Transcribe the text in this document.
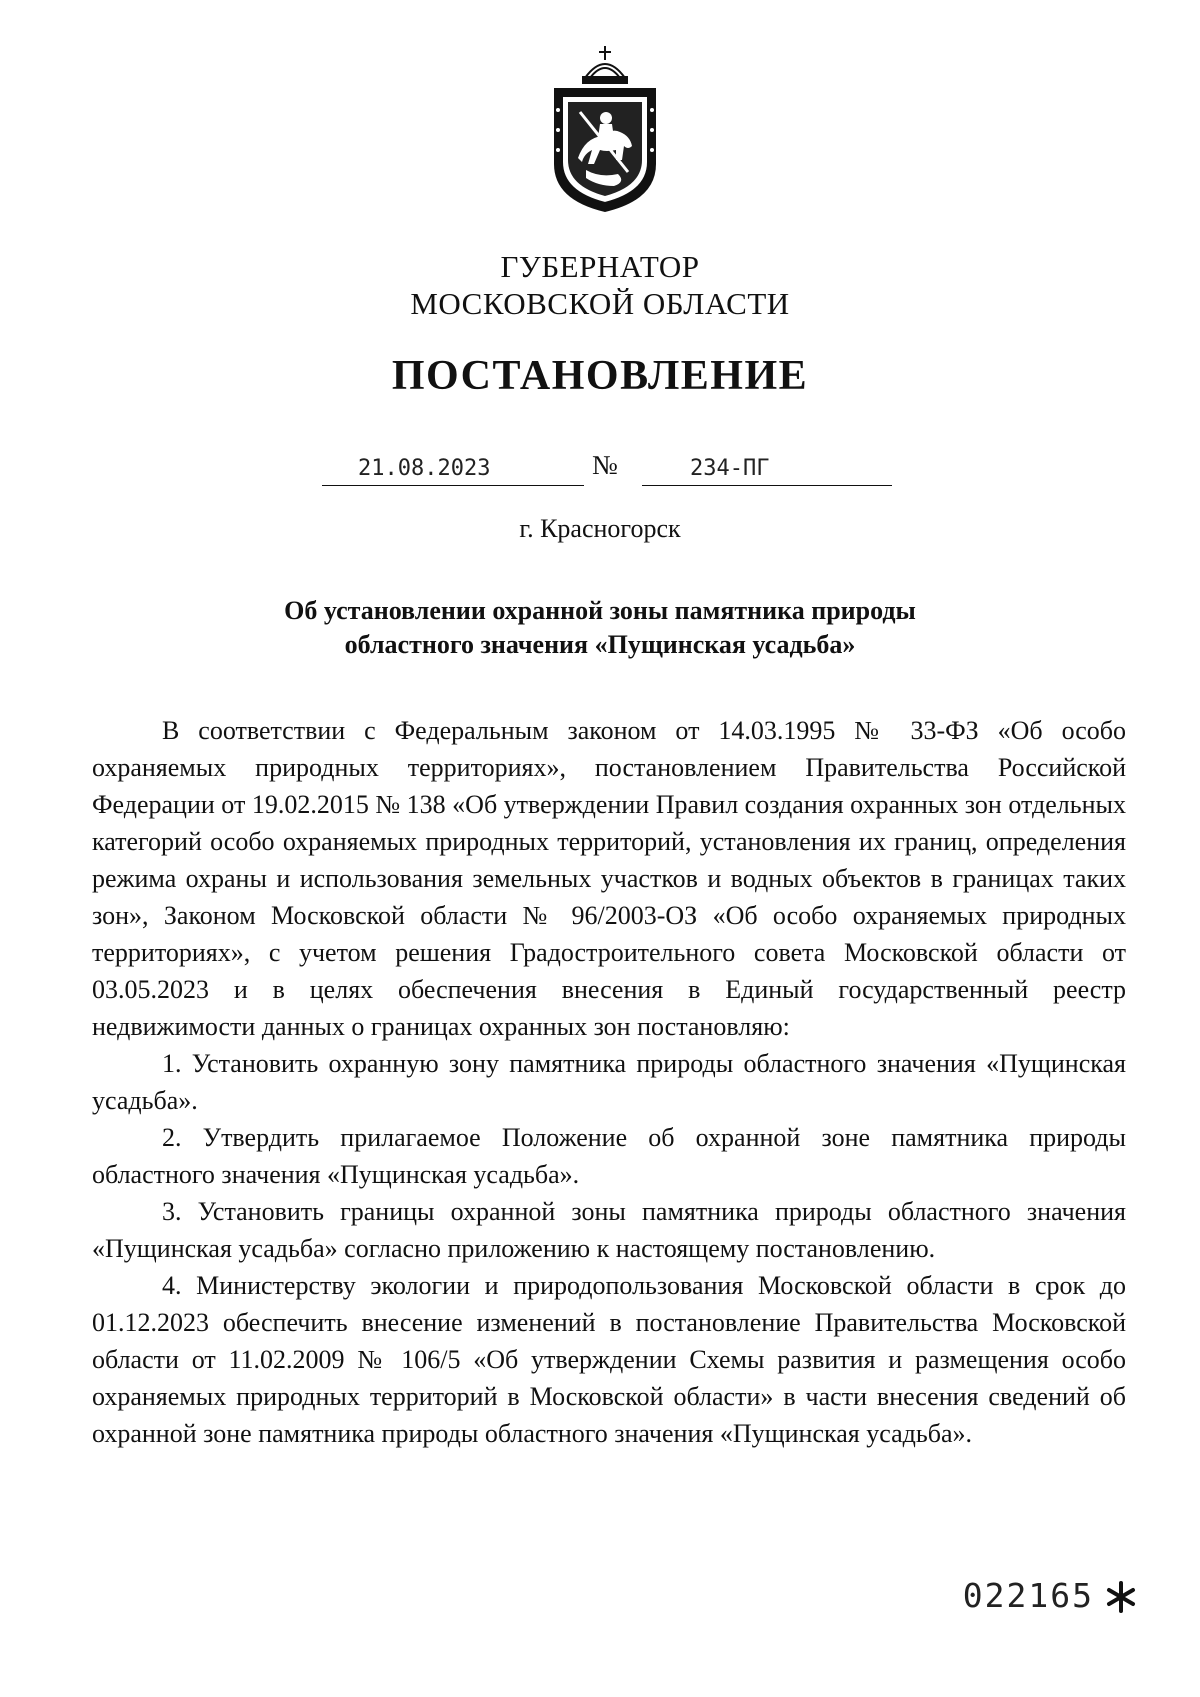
ГУБЕРНАТОР
МОСКОВСКОЙ ОБЛАСТИ
ПОСТАНОВЛЕНИЕ
21.08.2023	№	234-ПГ
г. Красногорск
Об установлении охранной зоны памятника природы
областного значения «Пущинская усадьба»

В соответствии с Федеральным законом от 14.03.1995 № 33-ФЗ «Об особо охраняемых природных территориях», постановлением Правительства Российской Федерации от 19.02.2015 № 138 «Об утверждении Правил создания охранных зон отдельных категорий особо охраняемых природных территорий, установления их границ, определения режима охраны и использования земельных участков и водных объектов в границах таких зон», Законом Московской области № 96/2003-ОЗ «Об особо охраняемых природных территориях», с учетом решения Градостроительного совета Московской области от 03.05.2023 и в целях обеспечения внесения в Единый государственный реестр недвижимости данных о границах охранных зон постановляю:

1. Установить охранную зону памятника природы областного значения «Пущинская усадьба».

2. Утвердить прилагаемое Положение об охранной зоне памятника природы областного значения «Пущинская усадьба».

3. Установить границы охранной зоны памятника природы областного значения «Пущинская усадьба» согласно приложению к настоящему постановлению.

4. Министерству экологии и природопользования Московской области в срок до 01.12.2023 обеспечить внесение изменений в постановление Правительства Московской области от 11.02.2009 № 106/5 «Об утверждении Схемы развития и размещения особо охраняемых природных территорий в Московской области» в части внесения сведений об охранной зоне памятника природы областного значения «Пущинская усадьба».

022165
